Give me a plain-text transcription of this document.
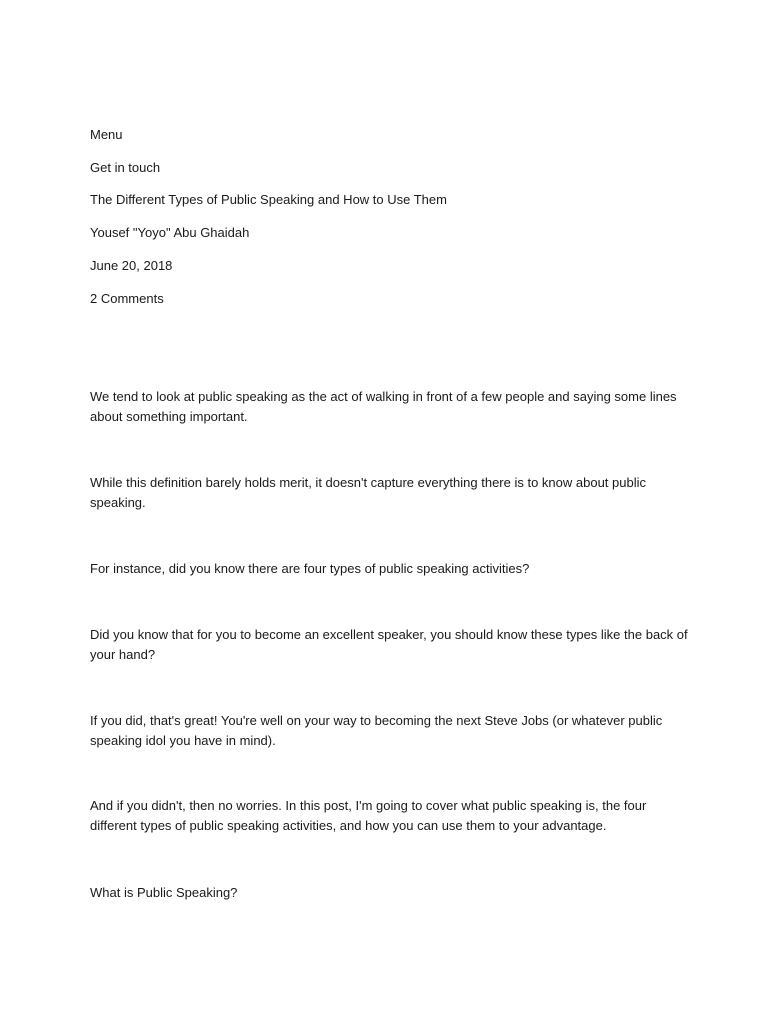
Menu

Get in touch

The Different Types of Public Speaking and How to Use Them

Yousef "Yoyo" Abu Ghaidah

June 20, 2018

2 Comments

We tend to look at public speaking as the act of walking in front of a few people and saying some lines about something important.

While this definition barely holds merit, it doesn't capture everything there is to know about public speaking.

For instance, did you know there are four types of public speaking activities?

Did you know that for you to become an excellent speaker, you should know these types like the back of your hand?

If you did, that's great! You're well on your way to becoming the next Steve Jobs (or whatever public speaking idol you have in mind).

And if you didn't, then no worries. In this post, I'm going to cover what public speaking is, the four different types of public speaking activities, and how you can use them to your advantage.

What is Public Speaking?
